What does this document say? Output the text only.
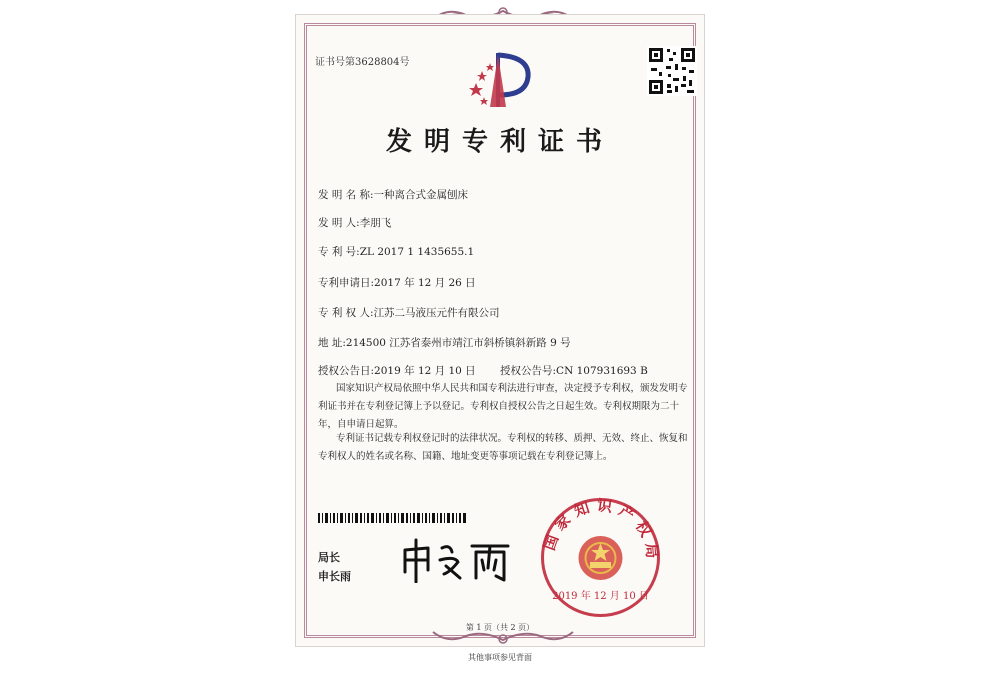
证书号第3628804号
发明专利证书
发 明 名 称:一种离合式金属刨床
发 明 人:李朋飞
专 利 号:ZL 2017 1 1435655.1
专利申请日:2017 年 12 月 26 日
专 利 权 人:江苏二马液压元件有限公司
地 址:214500 江苏省泰州市靖江市斜桥镇斜新路 9 号
授权公告日:2019 年 12 月 10 日 授权公告号:CN 107931693 B
国家知识产权局依照中华人民共和国专利法进行审查，决定授予专利权，颁发发明专利证书并在专利登记簿上予以登记。专利权自授权公告之日起生效。专利权期限为二十年，自申请日起算。
专利证书记载专利权登记时的法律状况。专利权的转移、质押、无效、终止、恢复和专利权人的姓名或名称、国籍、地址变更等事项记载在专利登记簿上。
局长
申长雨
国家知识产权局
2019 年 12 月 10 日
第 1 页（共 2 页）
其他事项参见背面
